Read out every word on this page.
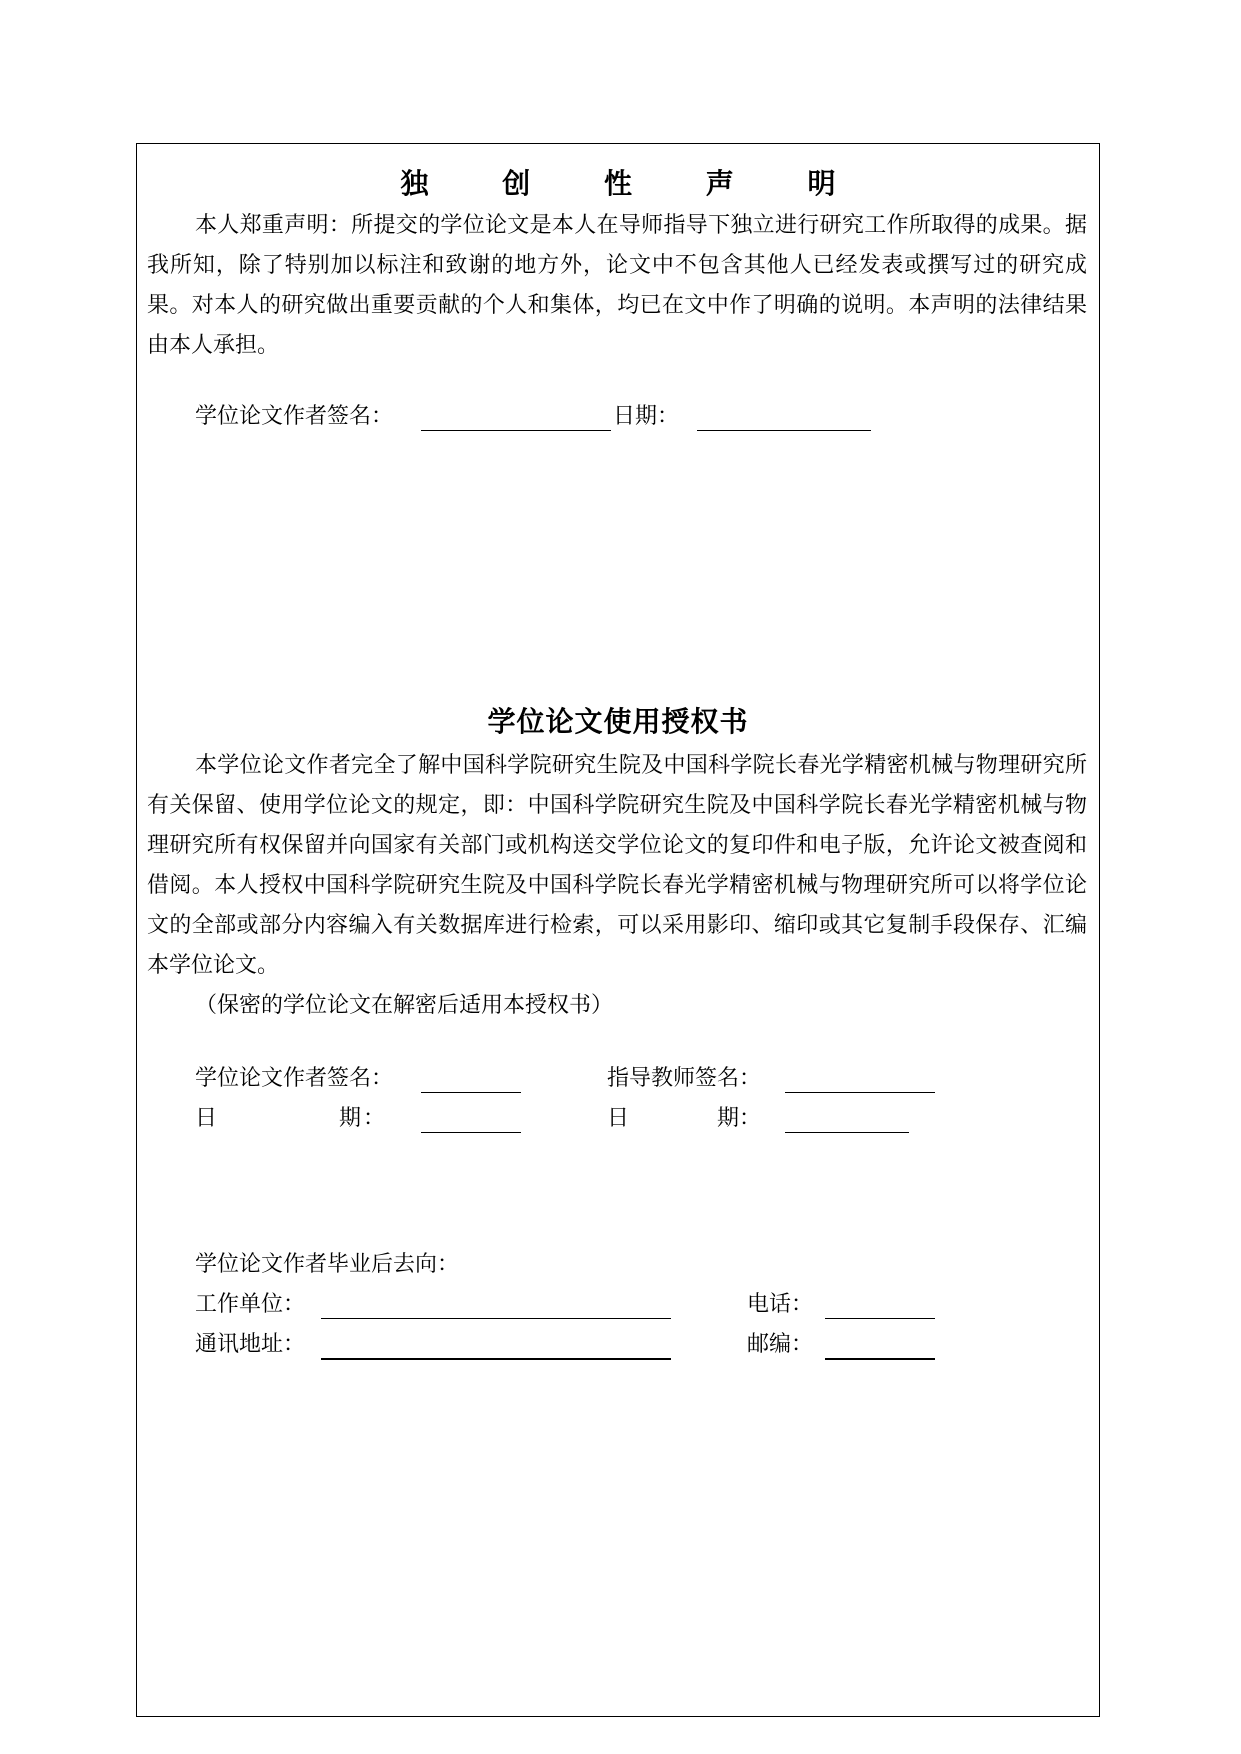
独 创 性 声 明
本人郑重声明：所提交的学位论文是本人在导师指导下独立进行研究工作所取得的成果。据我所知，除了特别加以标注和致谢的地方外，论文中不包含其他人已经发表或撰写过的研究成果。对本人的研究做出重要贡献的个人和集体，均已在文中作了明确的说明。本声明的法律结果由本人承担。
学位论文作者签名：	日期：
学位论文使用授权书
本学位论文作者完全了解中国科学院研究生院及中国科学院长春光学精密机械与物理研究所有关保留、使用学位论文的规定，即：中国科学院研究生院及中国科学院长春光学精密机械与物理研究所有权保留并向国家有关部门或机构送交学位论文的复印件和电子版，允许论文被查阅和借阅。本人授权中国科学院研究生院及中国科学院长春光学精密机械与物理研究所可以将学位论文的全部或部分内容编入有关数据库进行检索，可以采用影印、缩印或其它复制手段保存、汇编本学位论文。
（保密的学位论文在解密后适用本授权书）
学位论文作者签名：	指导教师签名：
日　　　　　期：	日　　　　期：
学位论文作者毕业后去向：
工作单位：	电话：
通讯地址：	邮编：
